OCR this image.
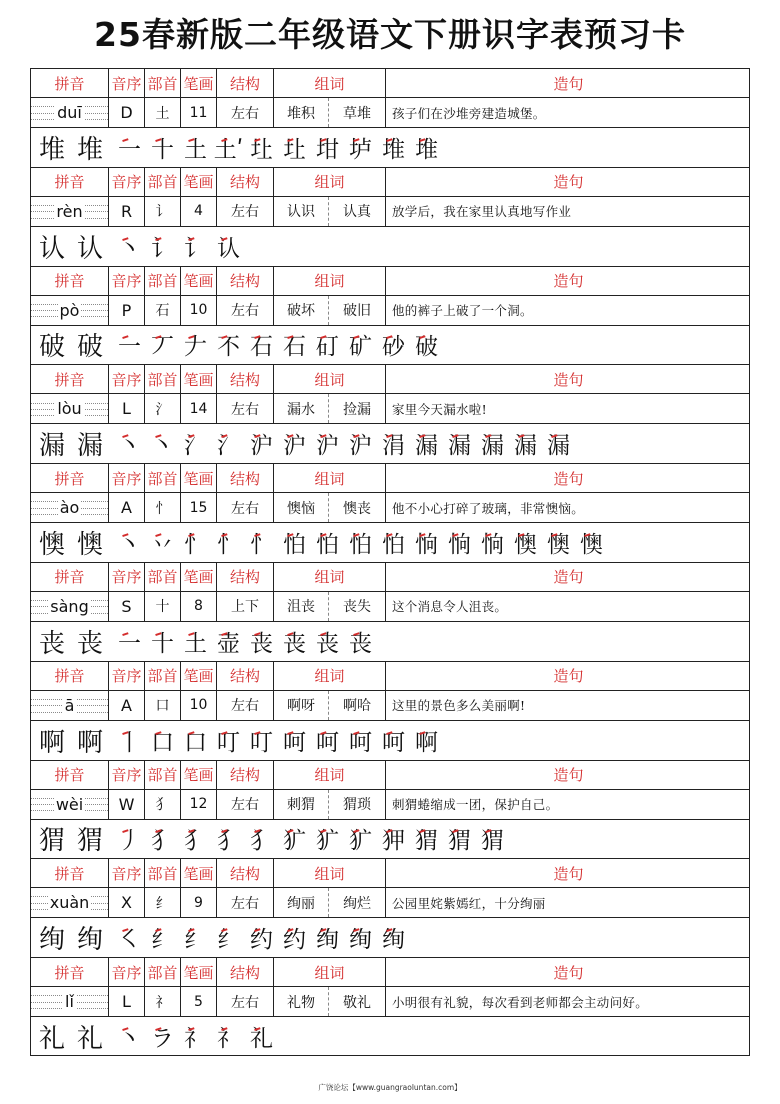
25春新版二年级语文下册识字表预习卡
拼音	音序 部首 笔画	结构	组词	造句
duī D 土 11 左右 堆积 草堆	孩子们在沙堆旁建造城堡。
堆 堆 一 十 土 土ʹ 圵 圵 坩 垆 堆 堆
拼音	音序 部首 笔画	结构	组词	造句
rèn R 讠 4 左右 认识 认真	放学后，我在家里认真地写作业
认 认 丶 讠 讠 认
拼音	音序 部首 笔画	结构	组词	造句
pò	P 石 10 左右 破坏 破旧	他的裤子上破了一个洞。
破 破 一 丆 𠂇 不 石 石 矴 矿 砂 破
拼音	音序 部首 笔画	结构	组词	造句
lòu	L 氵 14 左右 漏水 捡漏	家里今天漏水啦!
漏 漏 丶 丶 氵 氵 沪 沪 沪 沪 涓 漏 漏 漏 漏 漏
拼音	音序 部首 笔画	结构	组词	造句
ào	A 忄 15 左右 懊恼 懊丧	他不小心打碎了玻璃，非常懊恼。
懊 懊 丶 丷 忄 忄 忄 怕 怕 怕 怕 恦 恦 恦 懊 懊 懊
拼音	音序 部首 笔画	结构	组词	造句
sàng S 十 8 上下 沮丧 丧失	这个消息令人沮丧。
丧 丧 一 十 土 壶 丧 丧 丧 丧
拼音	音序 部首 笔画	结构	组词	造句
ā	A 口 10 左右 啊呀 啊哈	这里的景色多么美丽啊!
啊 啊 丨 口 口 叮 叮 呵 呵 呵 呵 啊
拼音	音序 部首 笔画	结构	组词	造句
wèi W 犭 12 左右 刺猬 猬琐	刺猬蜷缩成一团，保护自己。
猬 猬 丿 犭 犭 犭 犭 犷 犷 犷 狎 猬 猬 猬
拼音	音序 部首 笔画	结构	组词	造句
xuàn X 纟 9 左右 绚丽 绚烂	公园里姹紫嫣红，十分绚丽
绚 绚 ㇛ 纟 纟 纟 约 约 绚 绚 绚
拼音	音序 部首 笔画	结构	组词	造句
lǐ	L 礻 5 左右 礼物 敬礼	小明很有礼貌，每次看到老师都会主动问好。
礼 礼 丶 ラ 礻 礻 礼
广饶论坛【www.guangraoluntan.com】
